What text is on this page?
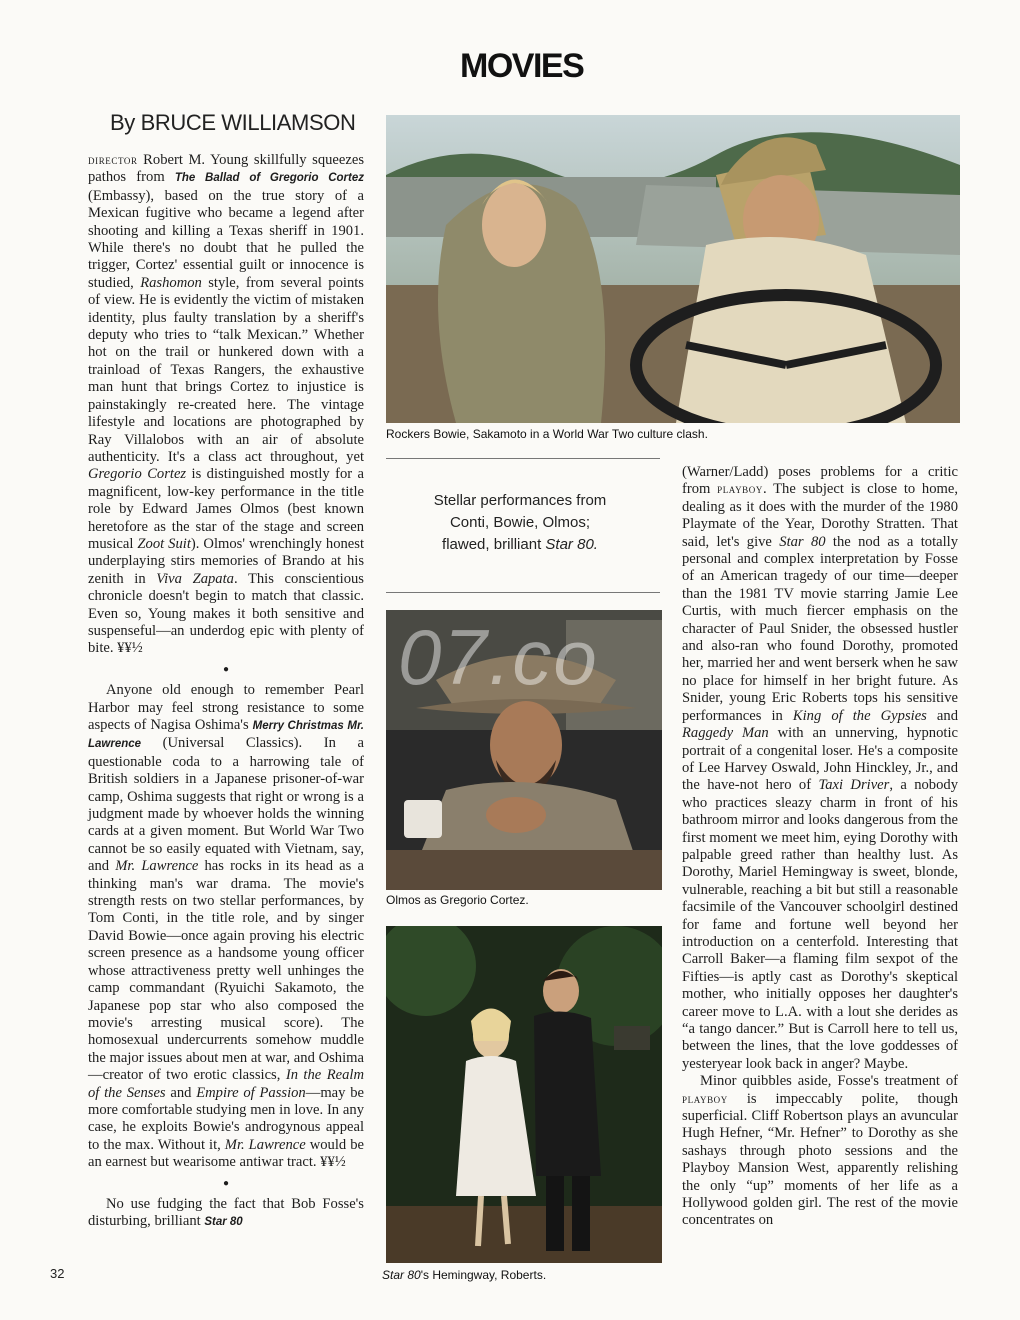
MOVIES
By BRUCE WILLIAMSON

director Robert M. Young skillfully squeezes pathos from The Ballad of Gregorio Cortez (Embassy), based on the true story of a Mexican fugitive who became a legend after shooting and killing a Texas sheriff in 1901. While there's no doubt that he pulled the trigger, Cortez' essential guilt or innocence is studied, Rashomon style, from several points of view. He is evidently the victim of mistaken identity, plus faulty translation by a sheriff's deputy who tries to “talk Mexican.” Whether hot on the trail or hunkered down with a trainload of Texas Rangers, the exhaustive man hunt that brings Cortez to injustice is painstakingly re-created here. The vintage lifestyle and locations are photographed by Ray Villalobos with an air of absolute authenticity. It's a class act throughout, yet Gregorio Cortez is distinguished mostly for a magnificent, low-key performance in the title role by Edward James Olmos (best known heretofore as the star of the stage and screen musical Zoot Suit). Olmos' wrenchingly honest underplaying stirs memories of Brando at his zenith in Viva Zapata. This conscientious chronicle doesn't begin to match that classic. Even so, Young makes it both sensitive and suspenseful—an underdog epic with plenty of bite. ¥¥½

●

Anyone old enough to remember Pearl Harbor may feel strong resistance to some aspects of Nagisa Oshima's Merry Christmas Mr. Lawrence (Universal Classics). In a questionable coda to a harrowing tale of British soldiers in a Japanese prisoner-of-war camp, Oshima suggests that right or wrong is a judgment made by whoever holds the winning cards at a given moment. But World War Two cannot be so easily equated with Vietnam, say, and Mr. Lawrence has rocks in its head as a thinking man's war drama. The movie's strength rests on two stellar performances, by Tom Conti, in the title role, and by singer David Bowie—once again proving his electric screen presence as a handsome young officer whose attractiveness pretty well unhinges the camp commandant (Ryuichi Sakamoto, the Japanese pop star who also composed the movie's arresting musical score). The homosexual undercurrents somehow muddle the major issues about men at war, and Oshima—creator of two erotic classics, In the Realm of the Senses and Empire of Passion—may be more comfortable studying men in love. In any case, he exploits Bowie's androgynous appeal to the max. Without it, Mr. Lawrence would be an earnest but wearisome antiwar tract. ¥¥½

●

No use fudging the fact that Bob Fosse's disturbing, brilliant Star 80

Rockers Bowie, Sakamoto in a World War Two culture clash.
Stellar performances from
Conti, Bowie, Olmos;
flawed, brilliant Star 80.
07.co
Olmos as Gregorio Cortez.
Star 80's Hemingway, Roberts.

(Warner/Ladd) poses problems for a critic from playboy. The subject is close to home, dealing as it does with the murder of the 1980 Playmate of the Year, Dorothy Stratten. That said, let's give Star 80 the nod as a totally personal and complex interpretation by Fosse of an American tragedy of our time—deeper than the 1981 TV movie starring Jamie Lee Curtis, with much fiercer emphasis on the character of Paul Snider, the obsessed hustler and also-ran who found Dorothy, promoted her, married her and went berserk when he saw no place for himself in her bright future. As Snider, young Eric Roberts tops his sensitive performances in King of the Gypsies and Raggedy Man with an unnerving, hypnotic portrait of a congenital loser. He's a composite of Lee Harvey Oswald, John Hinckley, Jr., and the have-not hero of Taxi Driver, a nobody who practices sleazy charm in front of his bathroom mirror and looks dangerous from the first moment we meet him, eying Dorothy with palpable greed rather than healthy lust. As Dorothy, Mariel Hemingway is sweet, blonde, vulnerable, reaching a bit but still a reasonable facsimile of the Vancouver schoolgirl destined for fame and fortune well beyond her introduction on a centerfold. Interesting that Carroll Baker—a flaming film sexpot of the Fifties—is aptly cast as Dorothy's skeptical mother, who initially opposes her daughter's career move to L.A. with a lout she derides as “a tango dancer.” But is Carroll here to tell us, between the lines, that the love goddesses of yesteryear look back in anger? Maybe.

Minor quibbles aside, Fosse's treatment of playboy is impeccably polite, though superficial. Cliff Robertson plays an avuncular Hugh Hefner, “Mr. Hefner” to Dorothy as she sashays through photo sessions and the Playboy Mansion West, apparently relishing the only “up” moments of her life as a Hollywood golden girl. The rest of the movie concentrates on

32
